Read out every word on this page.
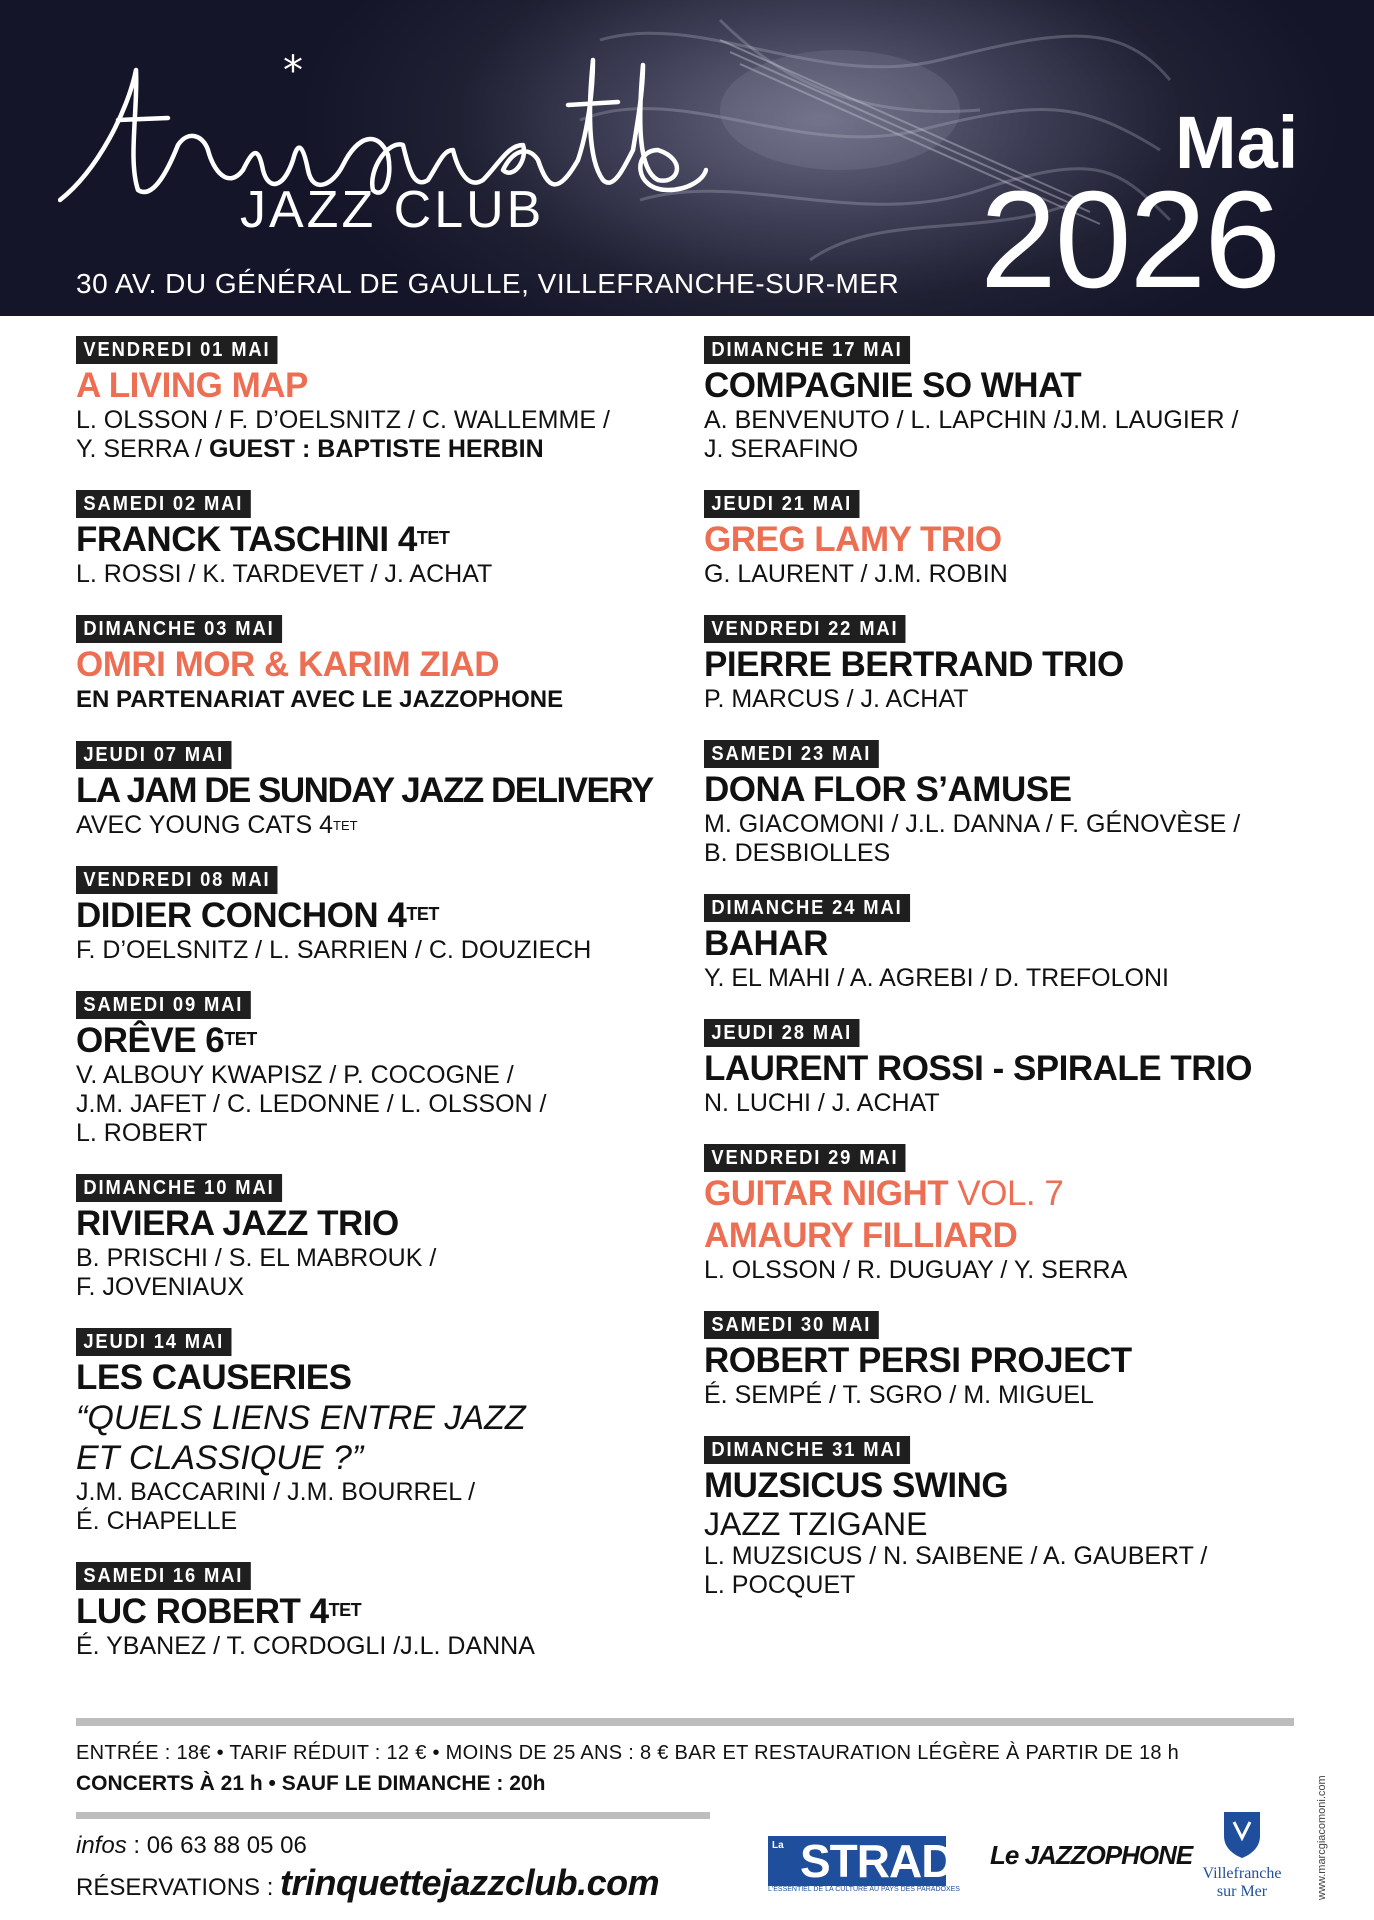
*
JAZZ CLUB
30 AV. DU GÉNÉRAL DE GAULLE, VILLEFRANCHE-SUR-MER
Mai
2026
VENDREDI 01 MAI
A LIVING MAP
L. OLSSON / F. D’OELSNITZ / C. WALLEMME /
Y. SERRA / GUEST : BAPTISTE HERBIN
SAMEDI 02 MAI
FRANCK TASCHINI $4^{TET}$
L. ROSSI / K. TARDEVET / J. ACHAT
DIMANCHE 03 MAI
OMRI MOR & KARIM ZIAD
EN PARTENARIAT AVEC LE JAZZOPHONE
JEUDI 07 MAI
LA JAM DE SUNDAY JAZZ DELIVERY
AVEC YOUNG CATS $4^{TET}$
VENDREDI 08 MAI
DIDIER CONCHON $4^{TET}$
F. D’OELSNITZ / L. SARRIEN / C. DOUZIECH
SAMEDI 09 MAI
ORÊVE $6^{TET}$
V. ALBOUY KWAPISZ / P. COCOGNE /
J.M. JAFET / C. LEDONNE / L. OLSSON /
L. ROBERT
DIMANCHE 10 MAI
RIVIERA JAZZ TRIO
B. PRISCHI / S. EL MABROUK /
F. JOVENIAUX
JEUDI 14 MAI
LES CAUSERIES
“QUELS LIENS ENTRE JAZZ
ET CLASSIQUE ?”
J.M. BACCARINI / J.M. BOURREL /
É. CHAPELLE
SAMEDI 16 MAI
LUC ROBERT $4^{TET}$
É. YBANEZ / T. CORDOGLI /J.L. DANNA
DIMANCHE 17 MAI
COMPAGNIE SO WHAT
A. BENVENUTO / L. LAPCHIN /J.M. LAUGIER /
J. SERAFINO
JEUDI 21 MAI
GREG LAMY TRIO
G. LAURENT / J.M. ROBIN
VENDREDI 22 MAI
PIERRE BERTRAND TRIO
P. MARCUS / J. ACHAT
SAMEDI 23 MAI
DONA FLOR S’AMUSE
M. GIACOMONI / J.L. DANNA / F. GÉNOVÈSE /
B. DESBIOLLES
DIMANCHE 24 MAI
BAHAR
Y. EL MAHI / A. AGREBI / D. TREFOLONI
JEUDI 28 MAI
LAURENT ROSSI - SPIRALE TRIO
N. LUCHI / J. ACHAT
VENDREDI 29 MAI
GUITAR NIGHT VOL. 7
AMAURY FILLIARD
L. OLSSON / R. DUGUAY / Y. SERRA
SAMEDI 30 MAI
ROBERT PERSI PROJECT
É. SEMPÉ / T. SGRO / M. MIGUEL
DIMANCHE 31 MAI
MUZSICUS SWING
JAZZ TZIGANE
L. MUZSICUS / N. SAIBENE / A. GAUBERT /
L. POCQUET
ENTRÉE : 18€ • TARIF RÉDUIT : 12 € • MOINS DE 25 ANS : 8 € BAR ET RESTAURATION LÉGÈRE À PARTIR DE 18 h
CONCERTS À 21 h • SAUF LE DIMANCHE : 20h
infos : 06 63 88 05 06
RÉSERVATIONS : trinquettejazzclub.com
La STRADA
L'ESSENTIEL DE LA CULTURE AU PAYS DES PARADOXES
Le JAZZOPHONE
Villefranche sur Mer	www.marcgiacomoni.com
